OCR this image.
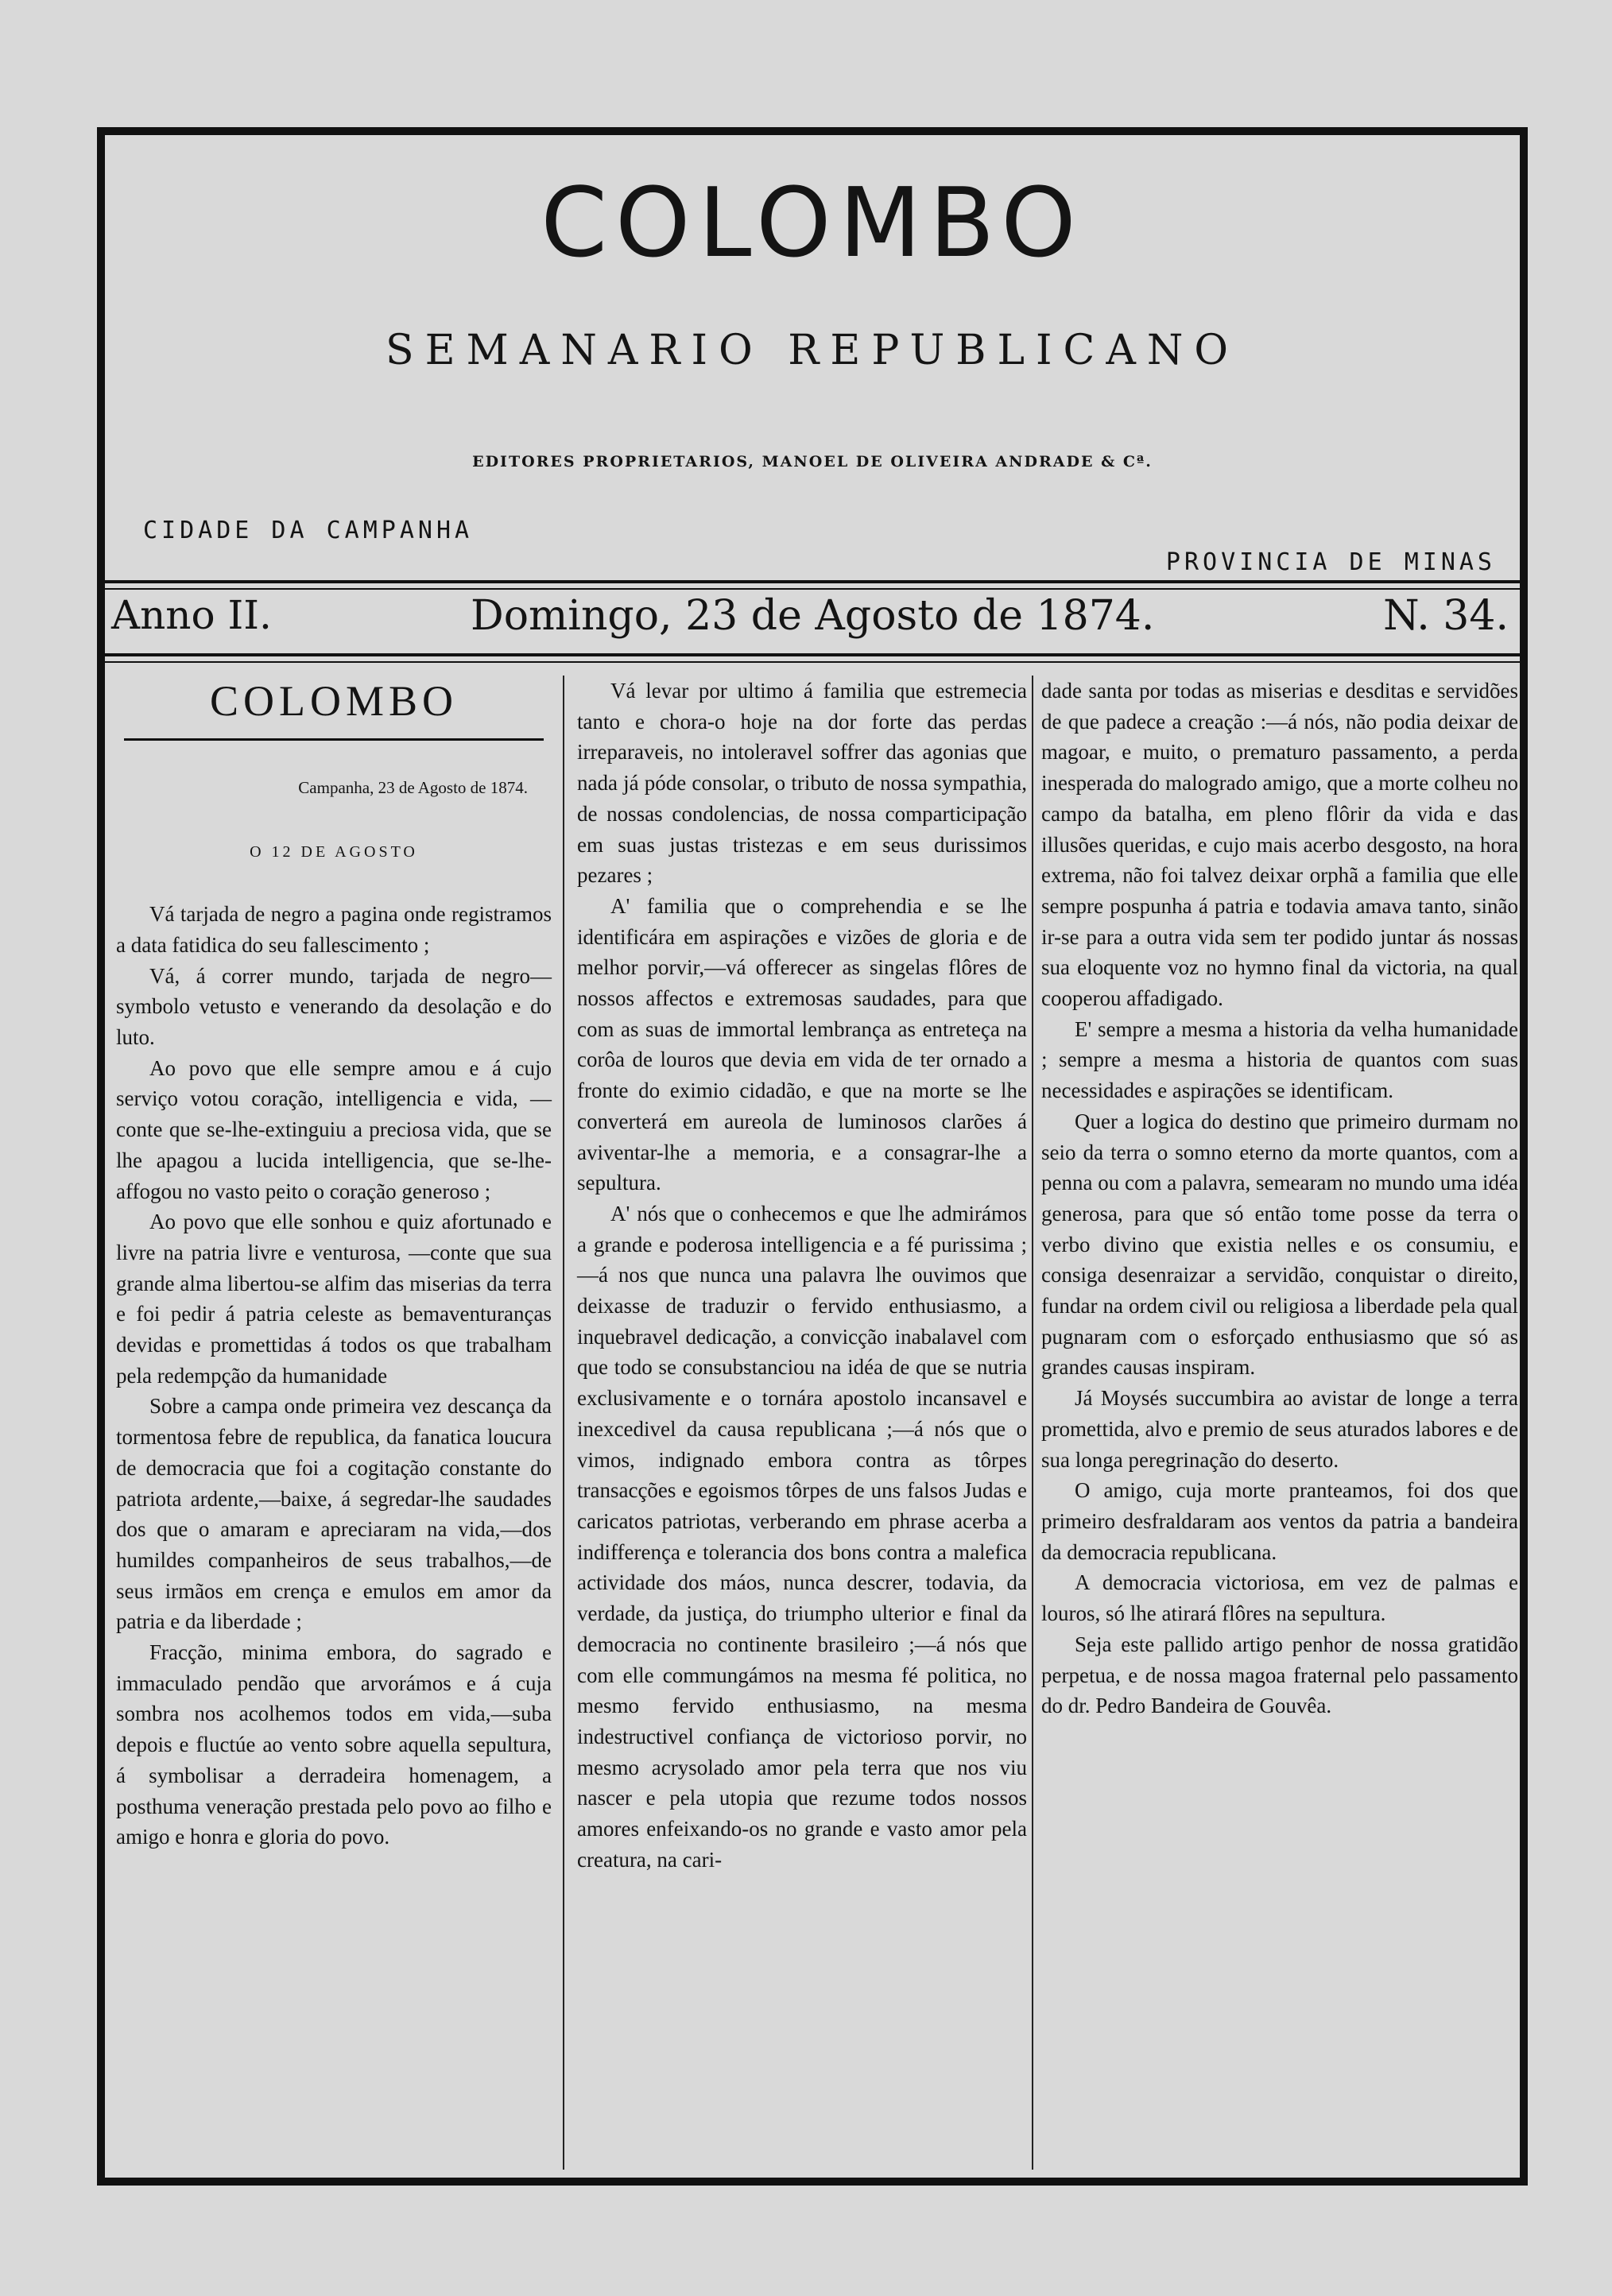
COLOMBO
SEMANARIO REPUBLICANO
EDITORES PROPRIETARIOS, MANOEL DE OLIVEIRA ANDRADE & Cª.
CIDADE DA CAMPANHA
PROVINCIA DE MINAS
Anno II.	Domingo, 23 de Agosto de 1874.	N. 34.
COLOMBO

Campanha, 23 de Agosto de 1874.

O 12 DE AGOSTO

Vá tarjada de negro a pagina onde registramos a data fatidica do seu fallescimento ;

Vá, á correr mundo, tarjada de negro—symbolo vetusto e venerando da desolação e do luto.

Ao povo que elle sempre amou e á cujo serviço votou coração, intelligencia e vida, —conte que se-lhe-extinguiu a preciosa vida, que se lhe apagou a lucida intelligencia, que se-lhe-affogou no vasto peito o coração generoso ;

Ao povo que elle sonhou e quiz afortunado e livre na patria livre e venturosa, —conte que sua grande alma libertou-se alfim das miserias da terra e foi pedir á patria celeste as bemaventuranças devidas e promettidas á todos os que trabalham pela redempção da humanidade

Sobre a campa onde primeira vez descança da tormentosa febre de republica, da fanatica loucura de democracia que foi a cogitação constante do patriota ardente,—baixe, á segredar-lhe saudades dos que o amaram e apreciaram na vida,—dos humildes companheiros de seus trabalhos,—de seus irmãos em crença e emulos em amor da patria e da liberdade ;

Fracção, minima embora, do sagrado e immaculado pendão que arvorámos e á cuja sombra nos acolhemos todos em vida,—suba depois e fluctúe ao vento sobre aquella sepultura, á symbolisar a derradeira homenagem, a posthuma veneração prestada pelo povo ao filho e amigo e honra e gloria do povo.

Vá levar por ultimo á familia que estremecia tanto e chora-o hoje na dor forte das perdas irreparaveis, no intoleravel soffrer das agonias que nada já póde consolar, o tributo de nossa sympathia, de nossas condolencias, de nossa comparticipação em suas justas tristezas e em seus durissimos pezares ;

A' familia que o comprehendia e se lhe identificára em aspirações e vizões de gloria e de melhor porvir,—vá offerecer as singelas flôres de nossos affectos e extremosas saudades, para que com as suas de immortal lembrança as entreteça na corôa de louros que devia em vida de ter ornado a fronte do eximio cidadão, e que na morte se lhe converterá em aureola de luminosos clarões á aviventar-lhe a memoria, e a consagrar-lhe a sepultura.

A' nós que o conhecemos e que lhe admirámos a grande e poderosa intelligencia e a fé purissima ;—á nos que nunca una palavra lhe ouvimos que deixasse de traduzir o fervido enthusiasmo, a inquebravel dedicação, a convicção inabalavel com que todo se consubstanciou na idéa de que se nutria exclusivamente e o tornára apostolo incansavel e inexcedivel da causa republicana ;—á nós que o vimos, indignado embora contra as tôrpes transacções e egoismos tôrpes de uns falsos Judas e caricatos patriotas, verberando em phrase acerba a indifferença e tolerancia dos bons contra a malefica actividade dos máos, nunca descrer, todavia, da verdade, da justiça, do triumpho ulterior e final da democracia no continente brasileiro ;—á nós que com elle commungámos na mesma fé politica, no mesmo fervido enthusiasmo, na mesma indestructivel confiança de victorioso porvir, no mesmo acrysolado amor pela terra que nos viu nascer e pela utopia que rezume todos nossos amores enfeixando-os no grande e vasto amor pela creatura, na cari-

dade santa por todas as miserias e desditas e servidões de que padece a creação :—á nós, não podia deixar de magoar, e muito, o prematuro passamento, a perda inesperada do malogrado amigo, que a morte colheu no campo da batalha, em pleno flôrir da vida e das illusões queridas, e cujo mais acerbo desgosto, na hora extrema, não foi talvez deixar orphã a familia que elle sempre pospunha á patria e todavia amava tanto, sinão ir-se para a outra vida sem ter podido juntar ás nossas sua eloquente voz no hymno final da victoria, na qual cooperou affadigado.

E' sempre a mesma a historia da velha humanidade ; sempre a mesma a historia de quantos com suas necessidades e aspirações se identificam.

Quer a logica do destino que primeiro durmam no seio da terra o somno eterno da morte quantos, com a penna ou com a palavra, semearam no mundo uma idéa generosa, para que só então tome posse da terra o verbo divino que existia nelles e os consumiu, e consiga desenraizar a servidão, conquistar o direito, fundar na ordem civil ou religiosa a liberdade pela qual pugnaram com o esforçado enthusiasmo que só as grandes causas inspiram.

Já Moysés succumbira ao avistar de longe a terra promettida, alvo e premio de seus aturados labores e de sua longa peregrinação do deserto.

O amigo, cuja morte pranteamos, foi dos que primeiro desfraldaram aos ventos da patria a bandeira da democracia republicana.

A democracia victoriosa, em vez de palmas e louros, só lhe atirará flôres na sepultura.

Seja este pallido artigo penhor de nossa gratidão perpetua, e de nossa magoa fraternal pelo passamento do dr. Pedro Bandeira de Gouvêa.
